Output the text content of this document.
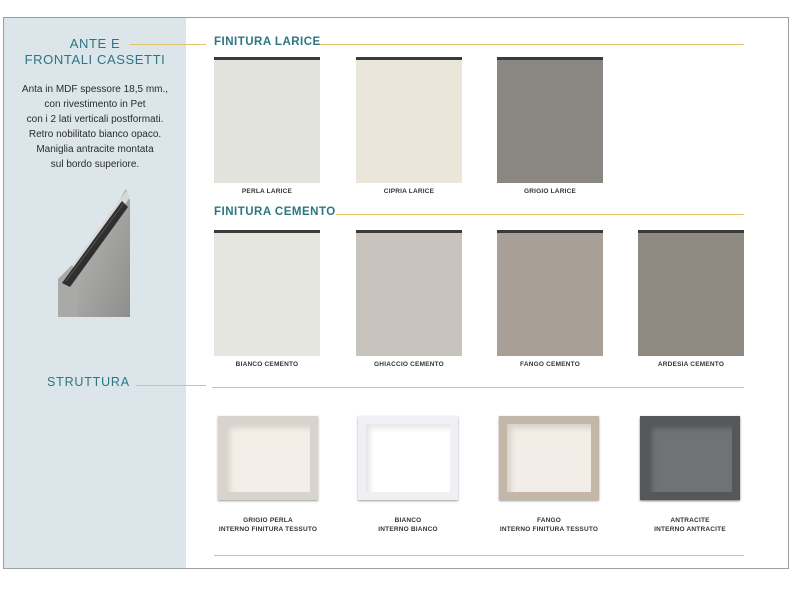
ANTE E
FRONTALI CASSETTI
Anta in MDF spessore 18,5 mm.,
con rivestimento in Pet
con i 2 lati verticali postformati.
Retro nobilitato bianco opaco.
Maniglia antracite montata
sul bordo superiore.
STRUTTURA
FINITURA LARICE
PERLA LARICE	CIPRIA LARICE	GRIGIO LARICE
FINITURA CEMENTO
BIANCO CEMENTO	GHIACCIO CEMENTO	FANGO CEMENTO	ARDESIA CEMENTO
GRIGIO PERLA
INTERNO FINITURA TESSUTO
BIANCO
INTERNO BIANCO
FANGO
INTERNO FINITURA TESSUTO
ANTRACITE
INTERNO ANTRACITE
